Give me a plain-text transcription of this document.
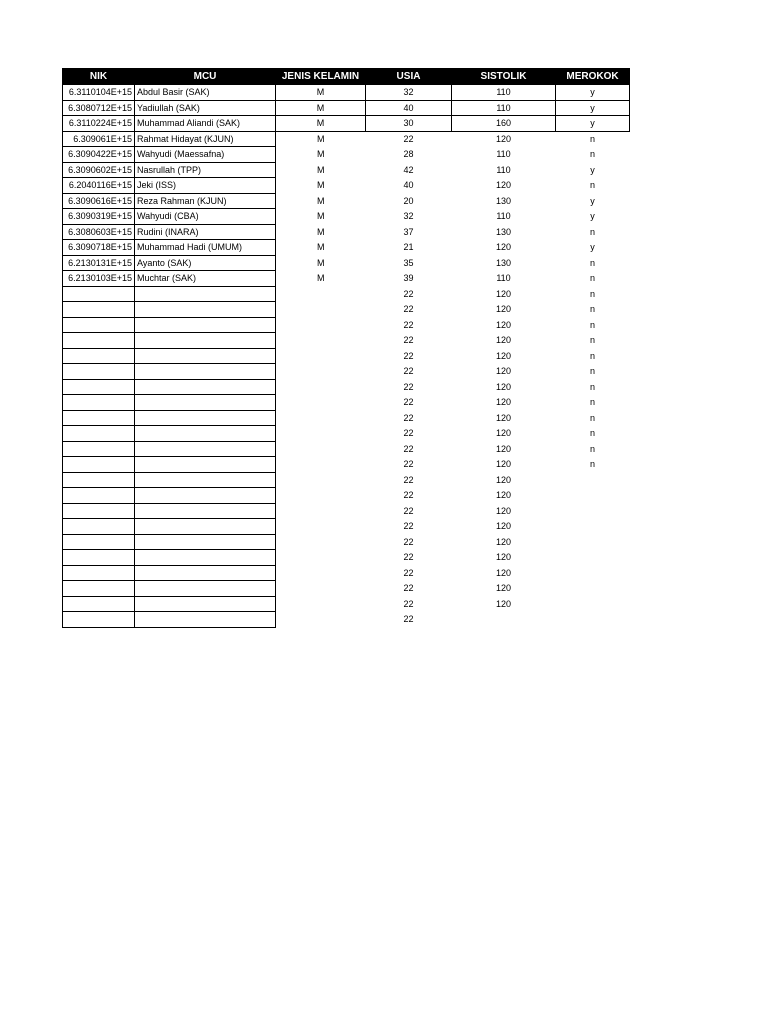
NIK	MCU	JENIS KELAMIN	USIA	SISTOLIK	MEROKOK
6.3110104E+15	Abdul Basir (SAK)	M	32	110	y
6.3080712E+15	Yadiullah (SAK)	M	40	110	y
6.3110224E+15	Muhammad Aliandi (SAK)	M	30	160	y
6.309061E+15	Rahmat Hidayat (KJUN)	M	22	120	n
6.3090422E+15	Wahyudi (Maessafna)	M	28	110	n
6.3090602E+15	Nasrullah (TPP)	M	42	110	y
6.2040116E+15	Jeki (ISS)	M	40	120	n
6.3090616E+15	Reza Rahman (KJUN)	M	20	130	y
6.3090319E+15	Wahyudi (CBA)	M	32	110	y
6.3080603E+15	Rudini (INARA)	M	37	130	n
6.3090718E+15	Muhammad Hadi (UMUM)	M	21	120	y
6.2130131E+15	Ayanto (SAK)	M	35	130	n
6.2130103E+15	Muchtar (SAK)	M	39	110	n
			22	120	n
			22	120	n
			22	120	n
			22	120	n
			22	120	n
			22	120	n
			22	120	n
			22	120	n
			22	120	n
			22	120	n
			22	120	n
			22	120	n
			22	120	
			22	120	
			22	120	
			22	120	
			22	120	
			22	120	
			22	120	
			22	120	
			22	120	
			22		
